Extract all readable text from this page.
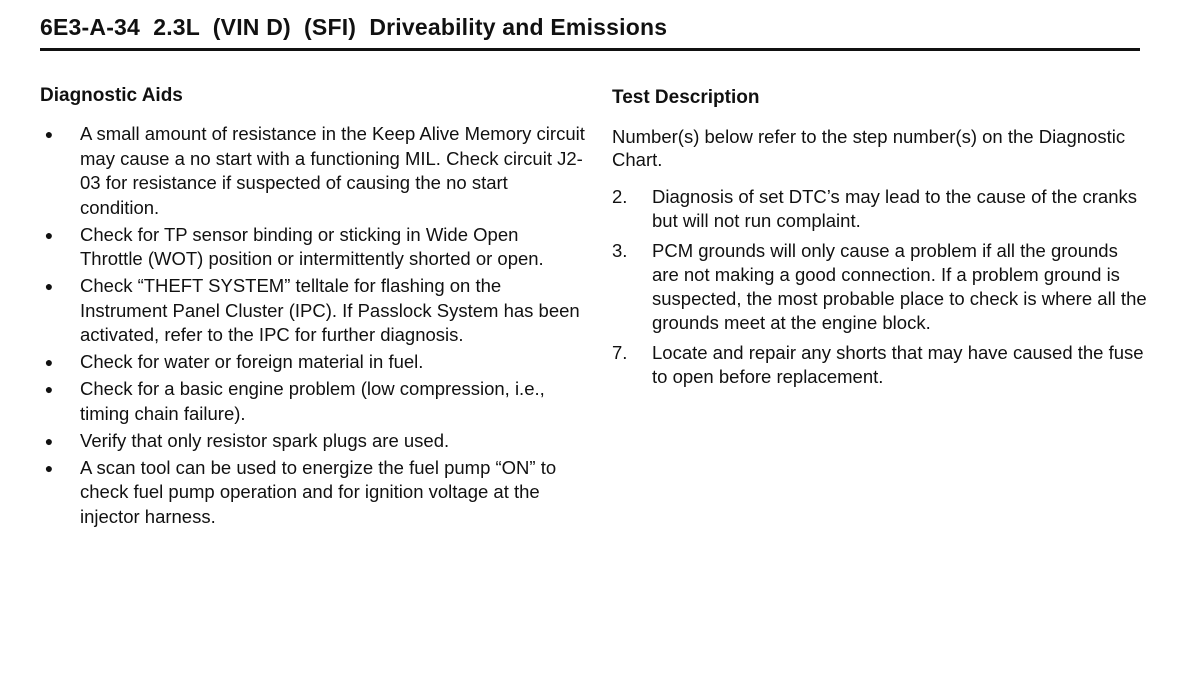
6E3-A-34  2.3L  (VIN D)  (SFI)  Driveability and Emissions
Diagnostic Aids
● A small amount of resistance in the Keep Alive Memory circuit may cause a no start with a functioning MIL. Check circuit J2-03 for resistance if suspected of causing the no start condition.
● Check for TP sensor binding or sticking in Wide Open Throttle (WOT) position or intermittently shorted or open.
● Check “THEFT SYSTEM” telltale for flashing on the Instrument Panel Cluster (IPC). If Passlock System has been activated, refer to the IPC for further diagnosis.
● Check for water or foreign material in fuel.
● Check for a basic engine problem (low compression, i.e., timing chain failure).
● Verify that only resistor spark plugs are used.
● A scan tool can be used to energize the fuel pump “ON” to check fuel pump operation and for ignition voltage at the injector harness.
Test Description

Number(s) below refer to the step number(s) on the Diagnostic Chart.

2. Diagnosis of set DTC’s may lead to the cause of the cranks but will not run complaint.
3. PCM grounds will only cause a problem if all the grounds are not making a good connection. If a problem ground is suspected, the most probable place to check is where all the grounds meet at the engine block.
7. Locate and repair any shorts that may have caused the fuse to open before replacement.
